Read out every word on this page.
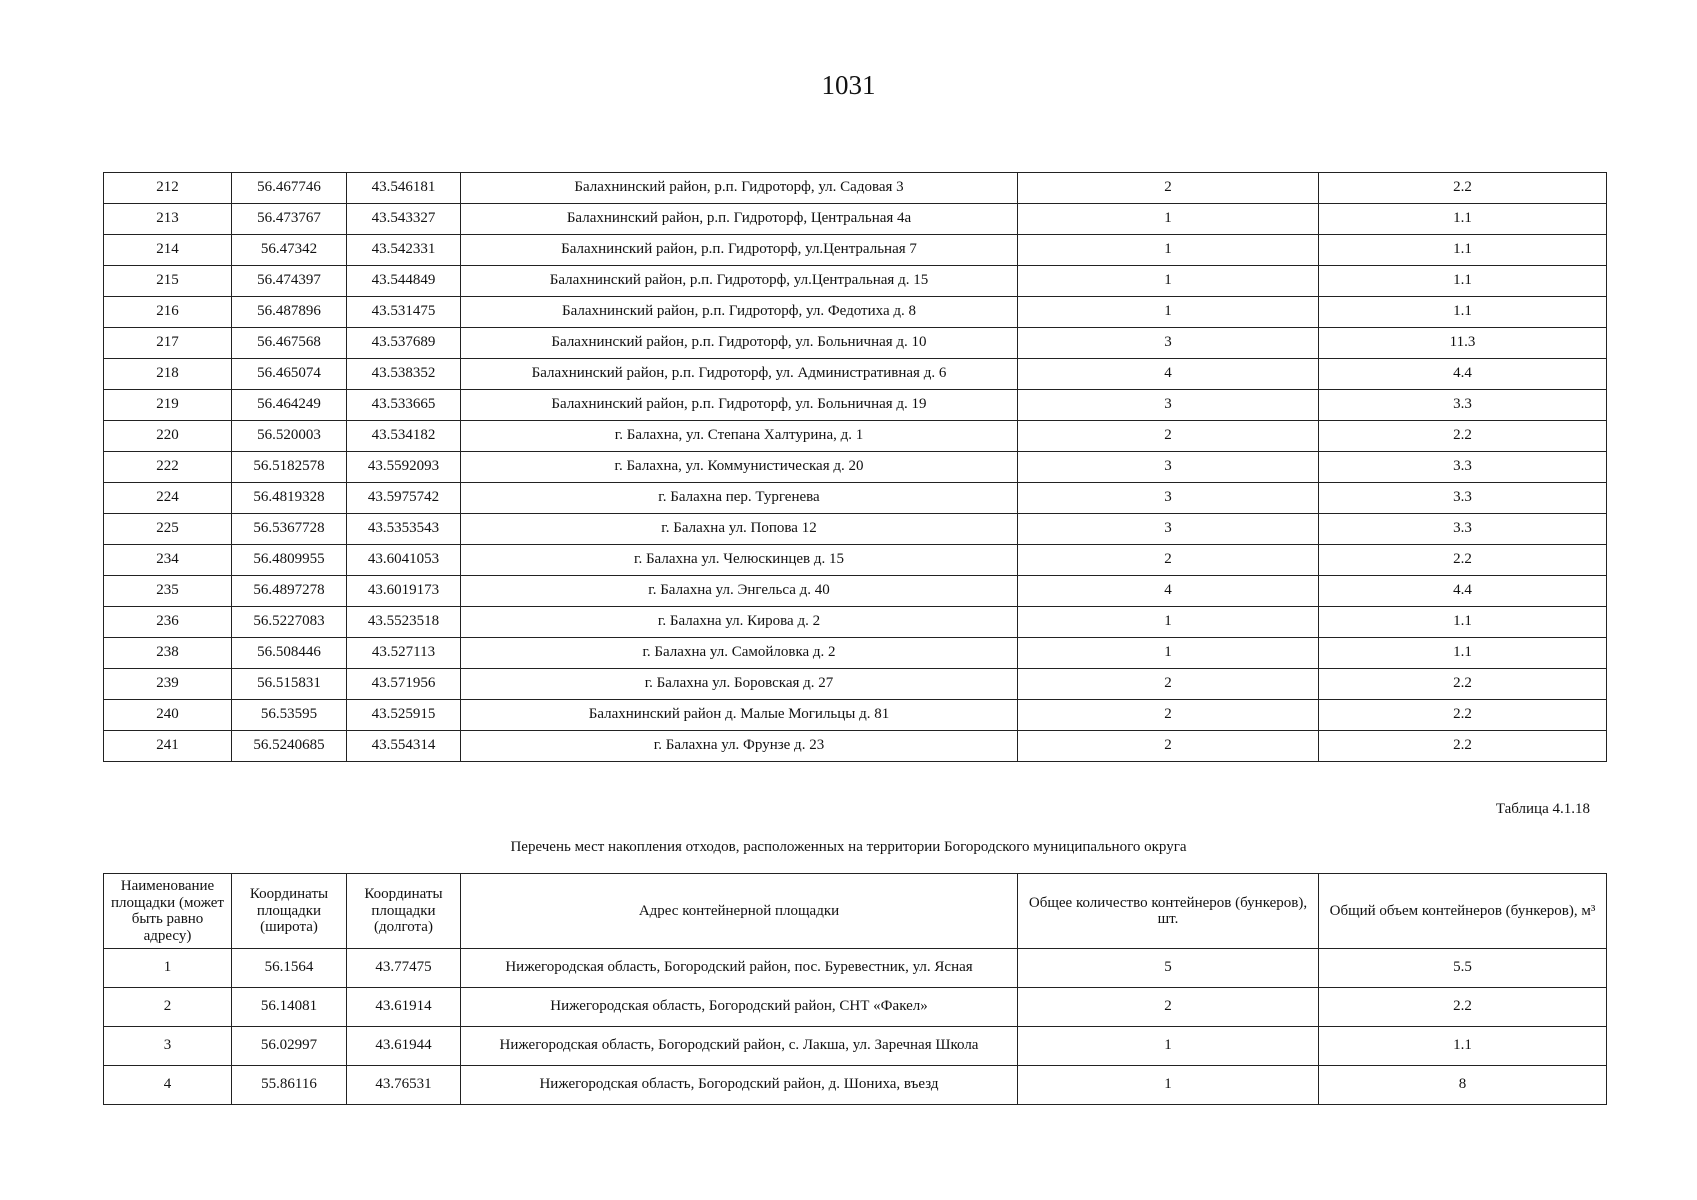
1031
212	56.467746	43.546181	Балахнинский район, р.п. Гидроторф, ул. Садовая 3	2	2.2
213	56.473767	43.543327	Балахнинский район, р.п. Гидроторф, Центральная 4а	1	1.1
214	56.47342	43.542331	Балахнинский район, р.п. Гидроторф, ул.Центральная 7	1	1.1
215	56.474397	43.544849	Балахнинский район, р.п. Гидроторф, ул.Центральная д. 15	1	1.1
216	56.487896	43.531475	Балахнинский район, р.п. Гидроторф, ул. Федотиха д. 8	1	1.1
217	56.467568	43.537689	Балахнинский район, р.п. Гидроторф, ул. Больничная д. 10	3	11.3
218	56.465074	43.538352	Балахнинский район, р.п. Гидроторф, ул. Административная д. 6	4	4.4
219	56.464249	43.533665	Балахнинский район, р.п. Гидроторф, ул. Больничная д. 19	3	3.3
220	56.520003	43.534182	г. Балахна, ул. Степана Халтурина, д. 1	2	2.2
222	56.5182578	43.5592093	г. Балахна, ул. Коммунистическая д. 20	3	3.3
224	56.4819328	43.5975742	г. Балахна пер. Тургенева	3	3.3
225	56.5367728	43.5353543	г. Балахна ул. Попова 12	3	3.3
234	56.4809955	43.6041053	г. Балахна ул. Челюскинцев д. 15	2	2.2
235	56.4897278	43.6019173	г. Балахна ул. Энгельса д. 40	4	4.4
236	56.5227083	43.5523518	г. Балахна ул. Кирова д. 2	1	1.1
238	56.508446	43.527113	г. Балахна ул. Самойловка д. 2	1	1.1
239	56.515831	43.571956	г. Балахна ул. Боровская д. 27	2	2.2
240	56.53595	43.525915	Балахнинский район д. Малые Могильцы д. 81	2	2.2
241	56.5240685	43.554314	г. Балахна ул. Фрунзе д. 23	2	2.2
Таблица 4.1.18
Перечень мест накопления отходов, расположенных на территории Богородского муниципального округа
Наименование площадки (может быть равно адресу)	Координаты площадки (широта)	Координаты площадки (долгота)	Адрес контейнерной площадки	Общее количество контейнеров (бункеров), шт.	Общий объем контейнеров (бункеров), м³
1	56.1564	43.77475	Нижегородская область, Богородский район, пос. Буревестник, ул. Ясная	5	5.5
2	56.14081	43.61914	Нижегородская область, Богородский район, СНТ «Факел»	2	2.2
3	56.02997	43.61944	Нижегородская область, Богородский район, с. Лакша, ул. Заречная Школа	1	1.1
4	55.86116	43.76531	Нижегородская область, Богородский район, д. Шониха, въезд	1	8
